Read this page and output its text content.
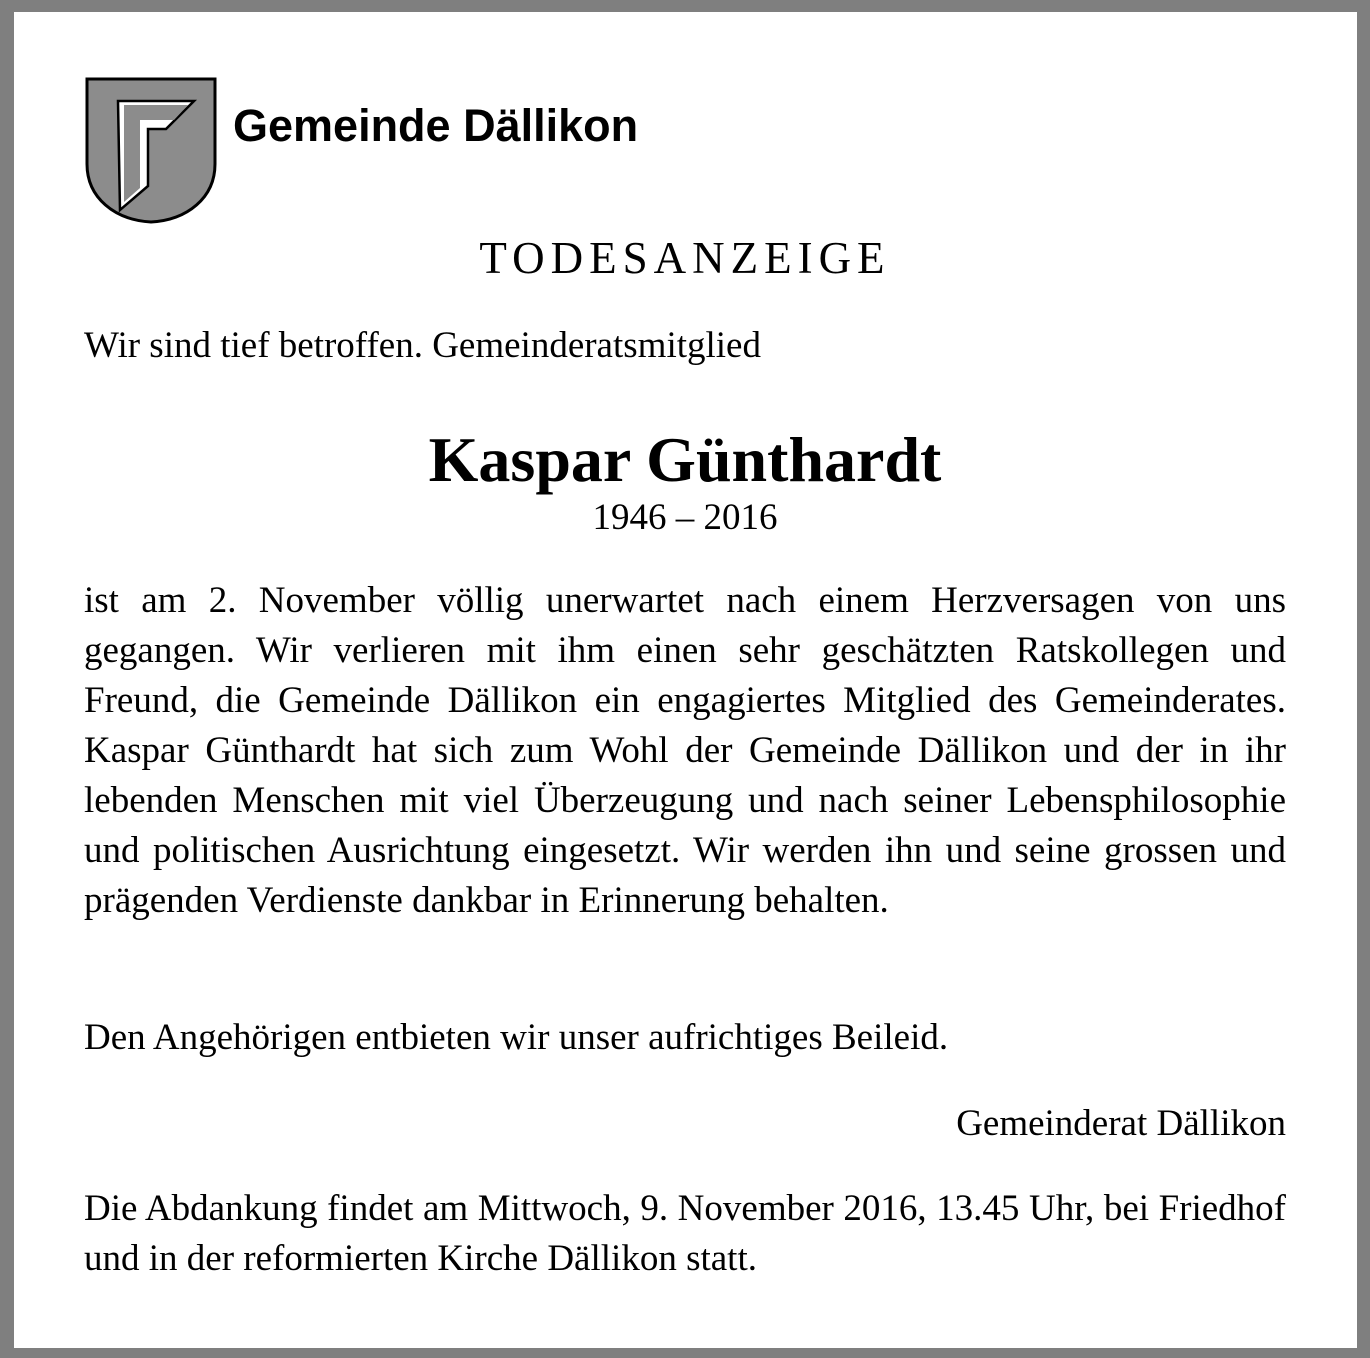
Gemeinde Dällikon
TODESANZEIGE
Wir sind tief betroffen. Gemeinderatsmitglied
Kaspar Günthardt
1946 – 2016

ist am 2. November völlig unerwartet nach einem Herzversagen von uns gegangen. Wir verlieren mit ihm einen sehr geschätzten Ratskollegen und Freund, die Gemeinde Dällikon ein engagiertes Mitglied des Gemeinderates. Kaspar Günthardt hat sich zum Wohl der Gemeinde Dällikon und der in ihr lebenden Menschen mit viel Überzeugung und nach seiner Lebensphilosophie und politischen Ausrichtung eingesetzt. Wir werden ihn und seine grossen und prägenden Verdienste dankbar in Erinnerung behalten.

Den Angehörigen entbieten wir unser aufrichtiges Beileid.

Gemeinderat Dällikon

Die Abdankung findet am Mittwoch, 9. November 2016, 13.45 Uhr, bei Friedhof und in der reformierten Kirche Dällikon statt.
